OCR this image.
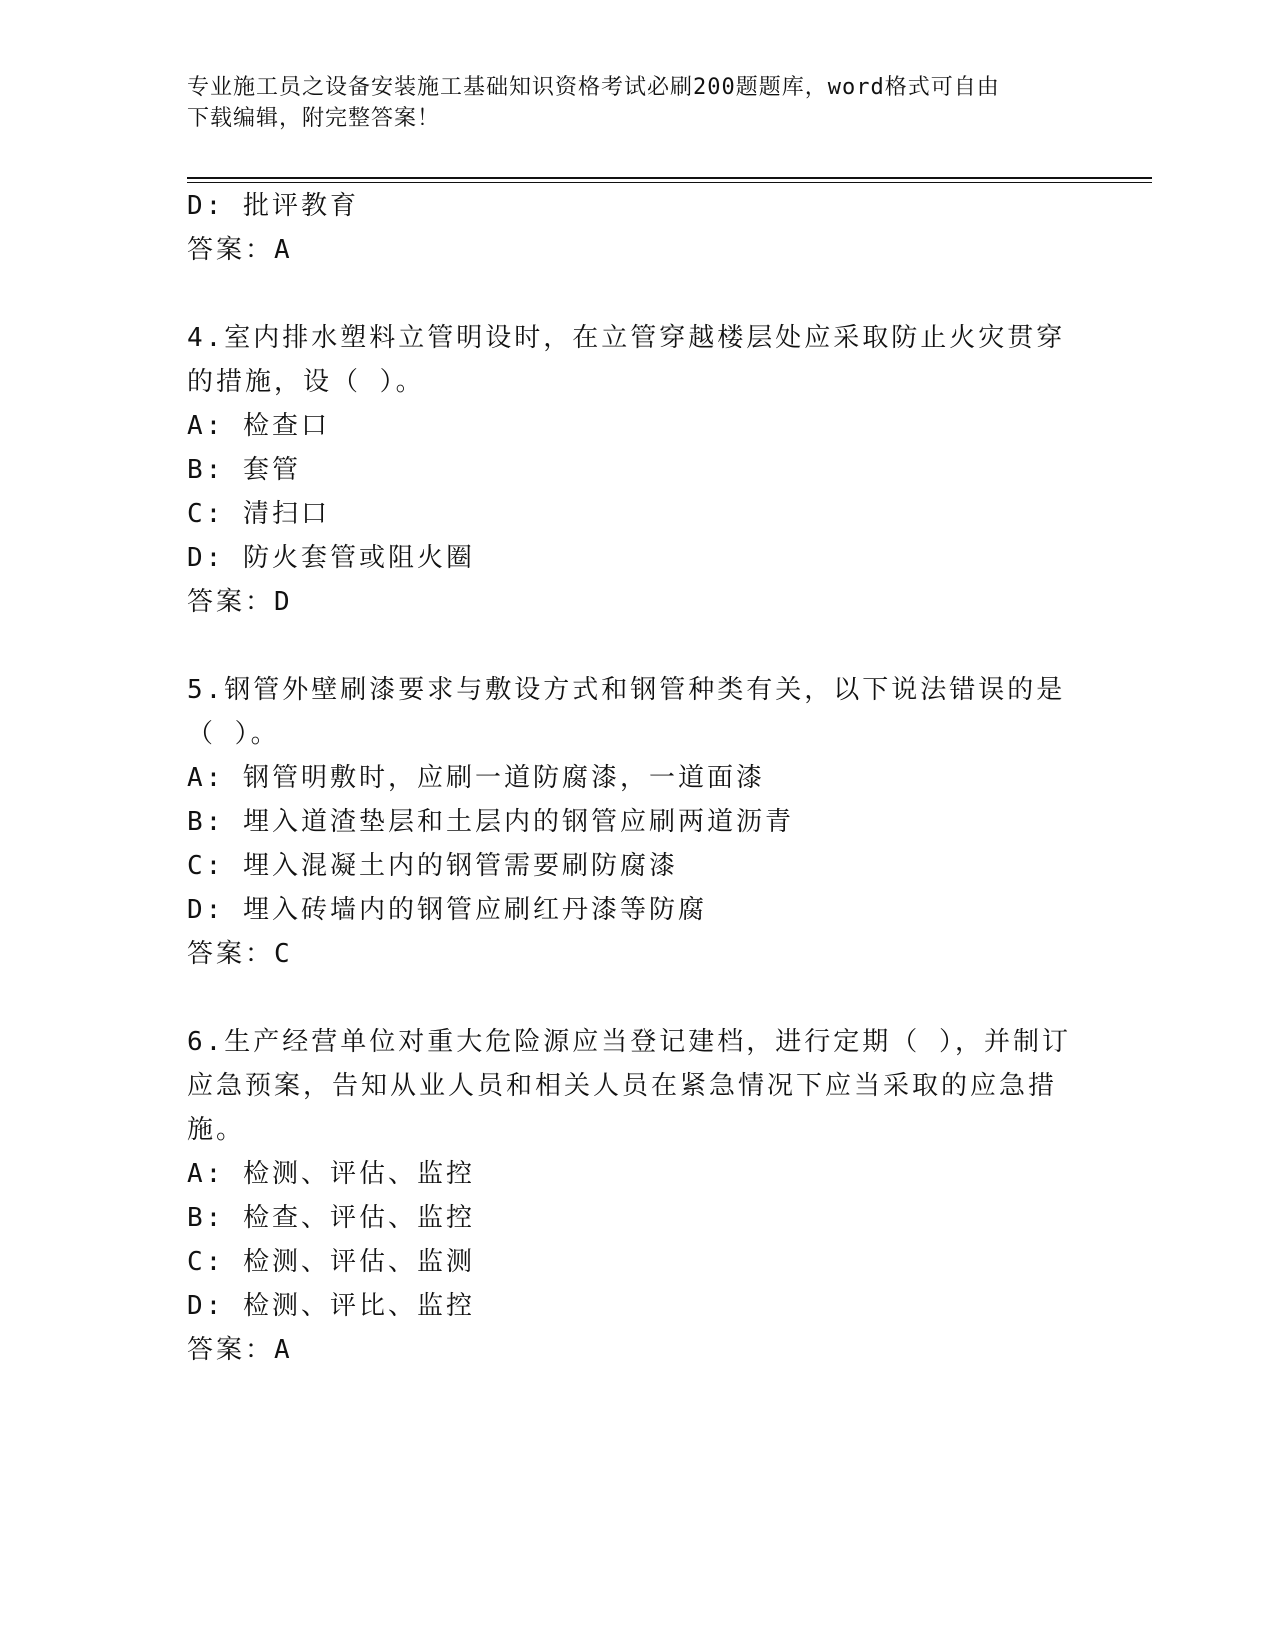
专业施工员之设备安装施工基础知识资格考试必刷200题题库，word格式可自由
下载编辑，附完整答案！
D: 批评教育
答案：A
4.室内排水塑料立管明设时，在立管穿越楼层处应采取防止火灾贯穿
的措施，设（ ）。
A: 检查口
B: 套管
C: 清扫口
D: 防火套管或阻火圈
答案：D
5.钢管外壁刷漆要求与敷设方式和钢管种类有关，以下说法错误的是
（ ）。
A: 钢管明敷时，应刷一道防腐漆，一道面漆
B: 埋入道渣垫层和土层内的钢管应刷两道沥青
C: 埋入混凝土内的钢管需要刷防腐漆
D: 埋入砖墙内的钢管应刷红丹漆等防腐
答案：C
6.生产经营单位对重大危险源应当登记建档，进行定期（ ），并制订
应急预案，告知从业人员和相关人员在紧急情况下应当采取的应急措
施。
A: 检测、评估、监控
B: 检查、评估、监控
C: 检测、评估、监测
D: 检测、评比、监控
答案：A
